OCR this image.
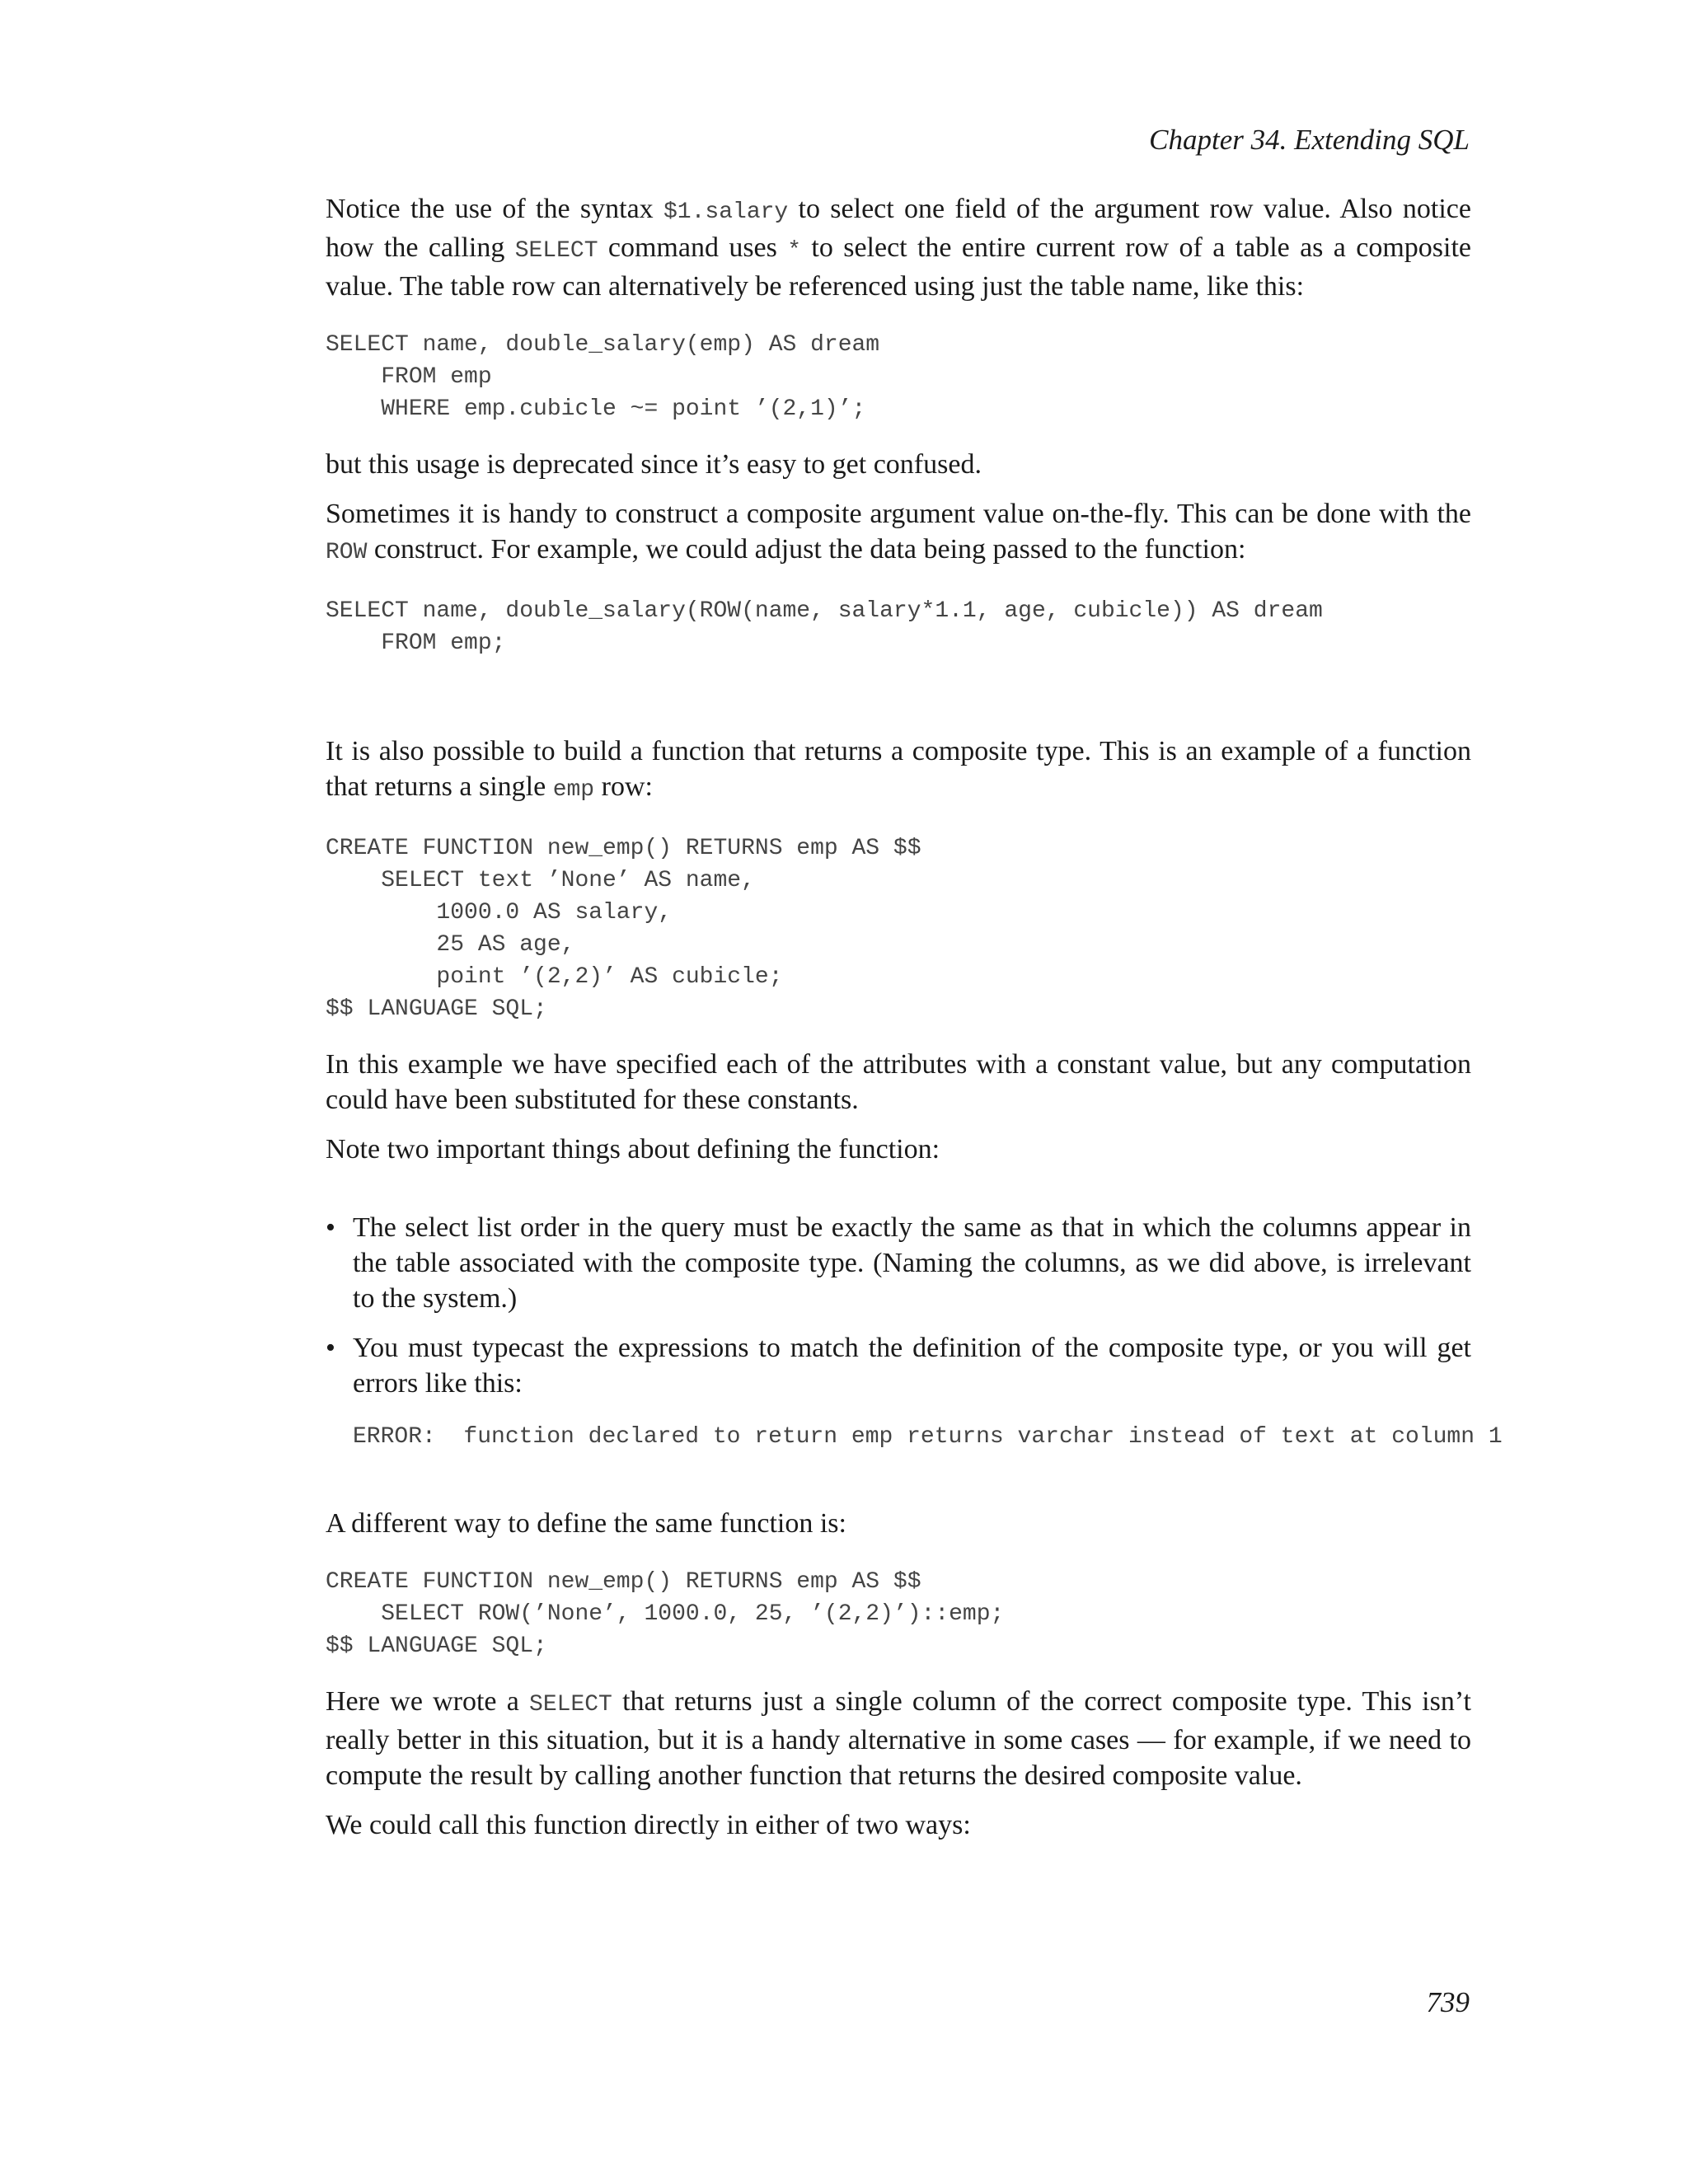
Chapter 34. Extending SQL

Notice the use of the syntax $1.salary to select one field of the argument row value. Also notice how the calling SELECT command uses * to select the entire current row of a table as a composite value. The table row can alternatively be referenced using just the table name, like this:

SELECT name, double_salary(emp) AS dream
FROM emp
WHERE emp.cubicle ~= point ’(2,1)’;

but this usage is deprecated since it’s easy to get confused.

Sometimes it is handy to construct a composite argument value on-the-fly. This can be done with the ROW construct. For example, we could adjust the data being passed to the function:

SELECT name, double_salary(ROW(name, salary*1.1, age, cubicle)) AS dream
FROM emp;

It is also possible to build a function that returns a composite type. This is an example of a function that returns a single emp row:

CREATE FUNCTION new_emp() RETURNS emp AS $$
SELECT text ’None’ AS name,
1000.0 AS salary,
25 AS age,
point ’(2,2)’ AS cubicle;
$$ LANGUAGE SQL;

In this example we have specified each of the attributes with a constant value, but any computation could have been substituted for these constants.

Note two important things about defining the function:

• The select list order in the query must be exactly the same as that in which the columns appear in the table associated with the composite type. (Naming the columns, as we did above, is irrelevant to the system.)

• You must typecast the expressions to match the definition of the composite type, or you will get errors like this:

ERROR:  function declared to return emp returns varchar instead of text at column 1

A different way to define the same function is:

CREATE FUNCTION new_emp() RETURNS emp AS $$
SELECT ROW(’None’, 1000.0, 25, ’(2,2)’)::emp;
$$ LANGUAGE SQL;

Here we wrote a SELECT that returns just a single column of the correct composite type. This isn’t really better in this situation, but it is a handy alternative in some cases — for example, if we need to compute the result by calling another function that returns the desired composite value.

We could call this function directly in either of two ways:

739
